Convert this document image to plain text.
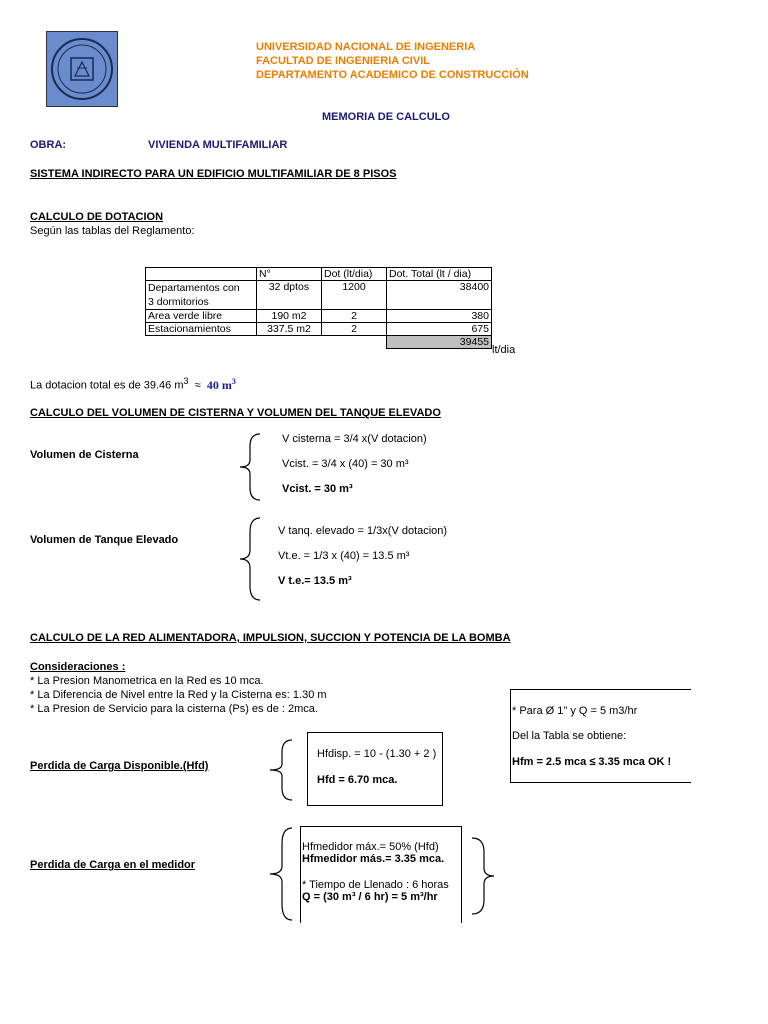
UNIVERSIDAD NACIONAL DE INGENERIA
FACULTAD DE INGENIERIA CIVIL
DEPARTAMENTO ACADEMICO DE CONSTRUCCIÓN
MEMORIA DE CALCULO
OBRA:	VIVIENDA MULTIFAMILIAR
SISTEMA INDIRECTO PARA UN EDIFICIO MULTIFAMILIAR DE 8 PISOS
CALCULO DE DOTACION
Según las tablas del Reglamento:
	N°	Dot (lt/dia)	Dot. Total (lt / dia)
Departamentos con
3 dormitorios	32 dptos	1200	38400
Area verde libre	190 m2	2	380
Estacionamientos	337.5 m2	2	675
			39455
lt/dia
La dotacion total es de 39.46 $m^3 \approx 40$ $m^3$
CALCULO DEL VOLUMEN DE CISTERNA Y VOLUMEN DEL TANQUE ELEVADO
Volumen de Cisterna
V cisterna = 3/4 x(V dotacion)
Vcist. = 3/4 x (40) = 30 m³
Vcist. = 30 m³
Volumen de Tanque Elevado
V tanq. elevado = 1/3x(V dotacion)
Vt.e. = 1/3 x (40) = 13.5 m³
V t.e.= 13.5 m³
CALCULO DE LA RED ALIMENTADORA, IMPULSION, SUCCION Y POTENCIA DE LA BOMBA
Consideraciones :
* La Presion Manometrica en la Red es 10 mca.
* La Diferencia de Nivel entre la Red y la Cisterna es: 1.30 m
* La Presion de Servicio para la cisterna (Ps) es de : 2mca.	* Para Ø 1" y Q = 5 m3/hr
Del la Tabla se obtiene:
Hfm = 2.5 mca ≤ 3.35 mca OK !
Perdida de Carga Disponible.(Hfd)
Hfdisp. = 10 - (1.30 + 2 )
Hfd = 6.70 mca.
Perdida de Carga en el medidor
Hfmedidor máx.= 50% (Hfd)
Hfmedidor más.= 3.35 mca.
* Tiempo de Llenado : 6 horas
Q = (30 m³ / 6 hr) = 5 m³/hr
